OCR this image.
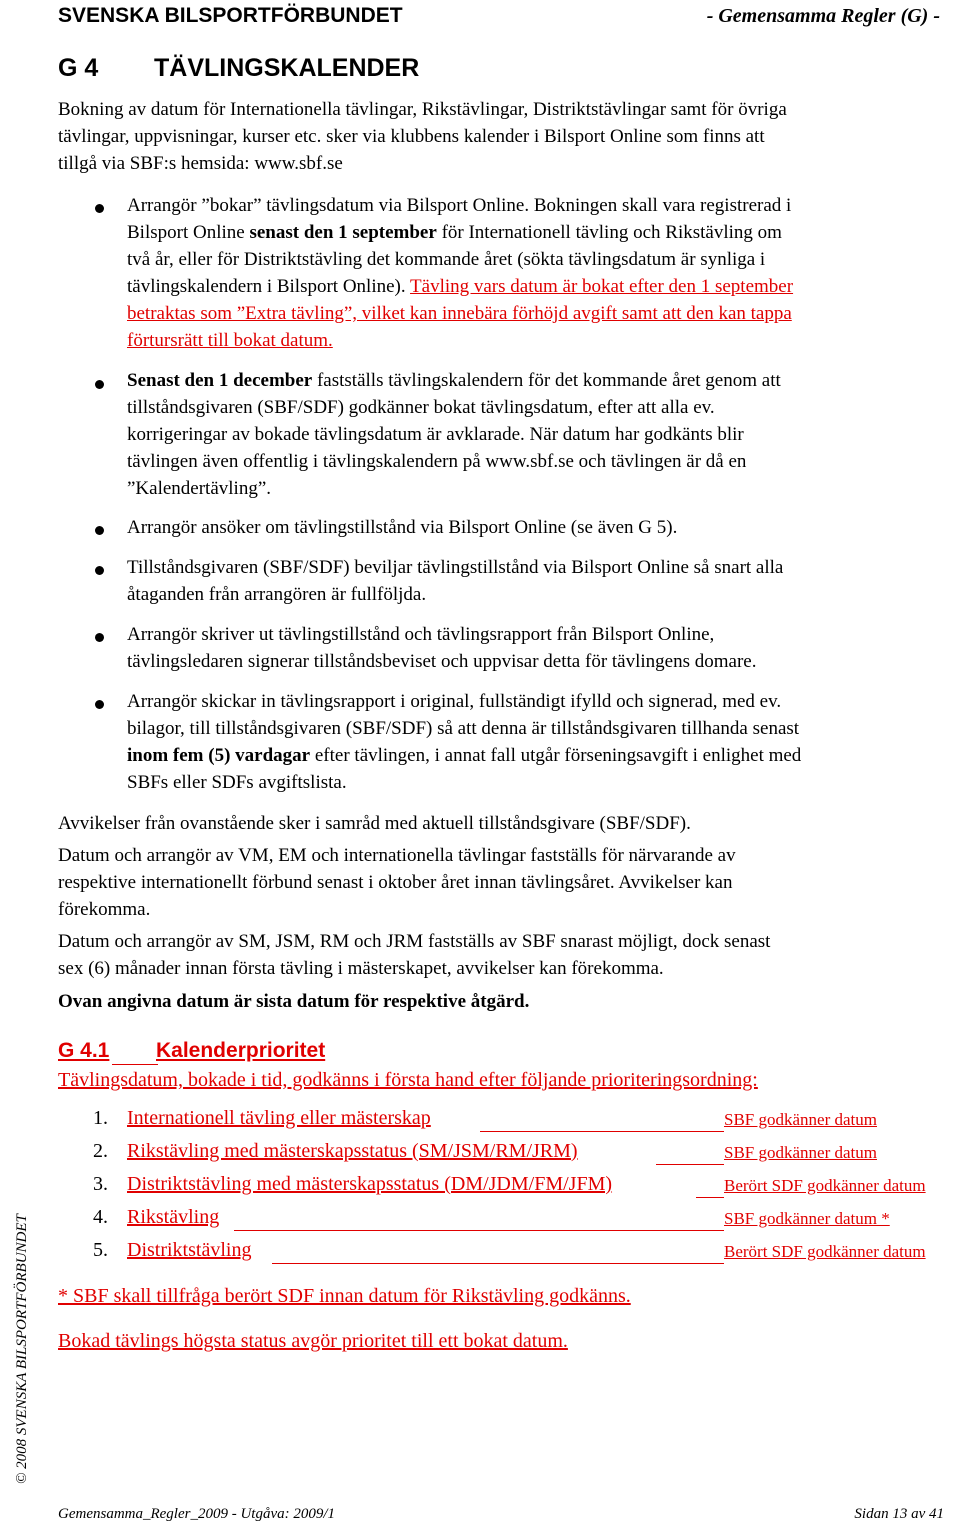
SVENSKA BILSPORTFÖRBUNDET	- Gemensamma Regler (G) -
G 4 TÄVLINGSKALENDER
Bokning av datum för Internationella tävlingar, Rikstävlingar, Distriktstävlingar samt för övriga
tävlingar, uppvisningar, kurser etc. sker via klubbens kalender i Bilsport Online som finns att
tillgå via SBF:s hemsida: www.sbf.se
Arrangör ”bokar” tävlingsdatum via Bilsport Online. Bokningen skall vara registrerad i
Bilsport Online senast den 1 september för Internationell tävling och Rikstävling om
två år, eller för Distriktstävling det kommande året (sökta tävlingsdatum är synliga i
tävlingskalendern i Bilsport Online). Tävling vars datum är bokat efter den 1 september
betraktas som ”Extra tävling”, vilket kan innebära förhöjd avgift samt att den kan tappa
förtursrätt till bokat datum.
Senast den 1 december fastställs tävlingskalendern för det kommande året genom att
tillståndsgivaren (SBF/SDF) godkänner bokat tävlingsdatum, efter att alla ev.
korrigeringar av bokade tävlingsdatum är avklarade. När datum har godkänts blir
tävlingen även offentlig i tävlingskalendern på www.sbf.se och tävlingen är då en
”Kalendertävling”.
Arrangör ansöker om tävlingstillstånd via Bilsport Online (se även G 5).
Tillståndsgivaren (SBF/SDF) beviljar tävlingstillstånd via Bilsport Online så snart alla
åtaganden från arrangören är fullföljda.
Arrangör skriver ut tävlingstillstånd och tävlingsrapport från Bilsport Online,
tävlingsledaren signerar tillståndsbeviset och uppvisar detta för tävlingens domare.
Arrangör skickar in tävlingsrapport i original, fullständigt ifylld och signerad, med ev.
bilagor, till tillståndsgivaren (SBF/SDF) så att denna är tillståndsgivaren tillhanda senast
inom fem (5) vardagar efter tävlingen, i annat fall utgår förseningsavgift i enlighet med
SBFs eller SDFs avgiftslista.
Avvikelser från ovanstående sker i samråd med aktuell tillståndsgivare (SBF/SDF).
Datum och arrangör av VM, EM och internationella tävlingar fastställs för närvarande av
respektive internationellt förbund senast i oktober året innan tävlingsåret. Avvikelser kan
förekomma.
Datum och arrangör av SM, JSM, RM och JRM fastställs av SBF snarast möjligt, dock senast
sex (6) månader innan första tävling i mästerskapet, avvikelser kan förekomma.
Ovan angivna datum är sista datum för respektive åtgärd.
G 4.1 Kalenderprioritet
Tävlingsdatum, bokade i tid, godkänns i första hand efter följande prioriteringsordning:
1. Internationell tävling eller mästerskap	SBF godkänner datum
2. Rikstävling med mästerskapsstatus (SM/JSM/RM/JRM)	SBF godkänner datum
3. Distriktstävling med mästerskapsstatus (DM/JDM/FM/JFM)	Berört SDF godkänner datum
4. Rikstävling	SBF godkänner datum *
5. Distriktstävling	Berört SDF godkänner datum
* SBF skall tillfråga berört SDF innan datum för Rikstävling godkänns.
Bokad tävlings högsta status avgör prioritet till ett bokat datum.
© 2008 SVENSKA BILSPORTFÖRBUNDET
Gemensamma_Regler_2009 - Utgåva: 2009/1	Sidan 13 av 41
